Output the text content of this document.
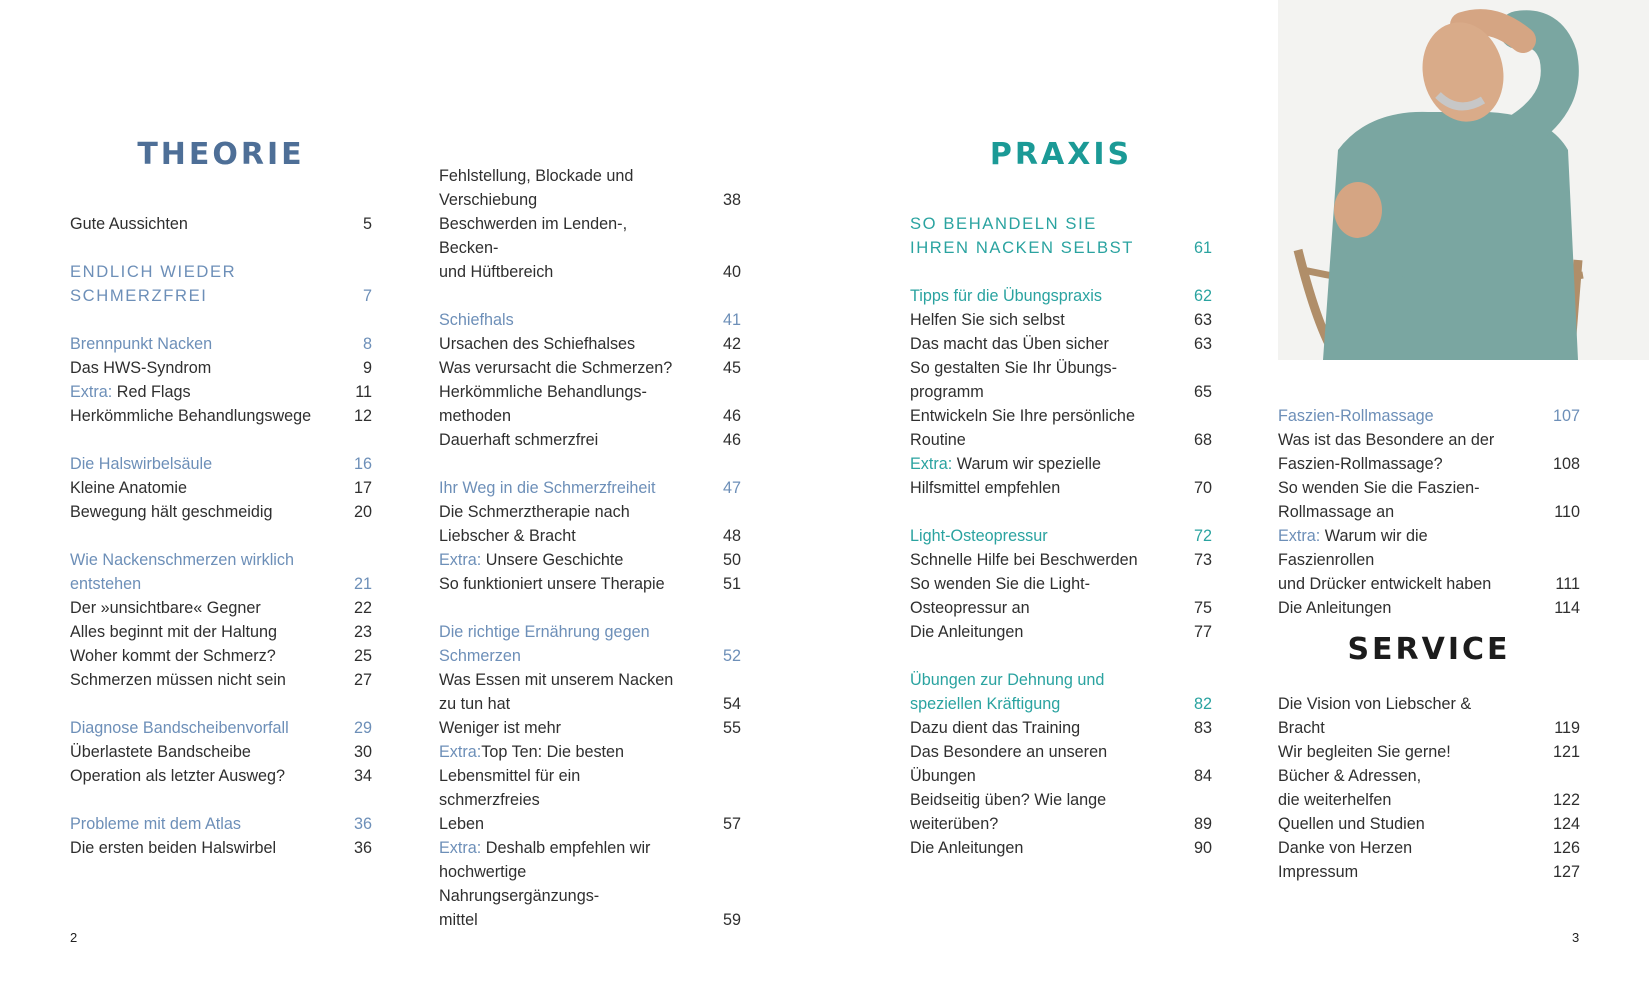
THEORIE
Gute Aussichten	5
ENDLICH WIEDER
SCHMERZFREI	7
Brennpunkt Nacken	8
Das HWS-Syndrom	9
Extra: Red Flags	11
Herkömmliche Behandlungswege	12
Die Halswirbelsäule	16
Kleine Anatomie	17
Bewegung hält geschmeidig	20
Wie Nackenschmerzen wirklich
entstehen	21
Der »unsichtbare« Gegner	22
Alles beginnt mit der Haltung	23
Woher kommt der Schmerz?	25
Schmerzen müssen nicht sein	27
Diagnose Bandscheibenvorfall	29
Überlastete Bandscheibe	30
Operation als letzter Ausweg?	34
Probleme mit dem Atlas	36
Die ersten beiden Halswirbel	36
Fehlstellung, Blockade und
Verschiebung	38
Beschwerden im Lenden-, Becken-
und Hüftbereich	40
Schiefhals	41
Ursachen des Schiefhalses	42
Was verursacht die Schmerzen?	45
Herkömmliche Behandlungs-
methoden	46
Dauerhaft schmerzfrei	46
Ihr Weg in die Schmerzfreiheit	47
Die Schmerztherapie nach
Liebscher & Bracht	48
Extra: Unsere Geschichte	50
So funktioniert unsere Therapie	51
Die richtige Ernährung gegen
Schmerzen	52
Was Essen mit unserem Nacken
zu tun hat	54
Weniger ist mehr	55
Extra:Top Ten: Die besten
Lebensmittel für ein schmerzfreies
Leben	57
Extra: Deshalb empfehlen wir
hochwertige Nahrungsergänzungs-
mittel	59
2
PRAXIS
SO BEHANDELN SIE
IHREN NACKEN SELBST	61
Tipps für die Übungspraxis	62
Helfen Sie sich selbst	63
Das macht das Üben sicher	63
So gestalten Sie Ihr Übungs-
programm	65
Entwickeln Sie Ihre persönliche
Routine	68
Extra: Warum wir spezielle
Hilfsmittel empfehlen	70
Light-Osteopressur	72
Schnelle Hilfe bei Beschwerden	73
So wenden Sie die Light-
Osteopressur an	75
Die Anleitungen	77
Übungen zur Dehnung und
speziellen Kräftigung	82
Dazu dient das Training	83
Das Besondere an unseren
Übungen	84
Beidseitig üben? Wie lange
weiterüben?	89
Die Anleitungen	90
Faszien-Rollmassage	107
Was ist das Besondere an der
Faszien-Rollmassage?	108
So wenden Sie die Faszien-
Rollmassage an	110
Extra: Warum wir die Faszienrollen
und Drücker entwickelt haben	111
Die Anleitungen	114
SERVICE
Die Vision von Liebscher & Bracht	119
Wir begleiten Sie gerne!	121
Bücher & Adressen,
die weiterhelfen	122
Quellen und Studien	124
Danke von Herzen	126
Impressum	127
3
